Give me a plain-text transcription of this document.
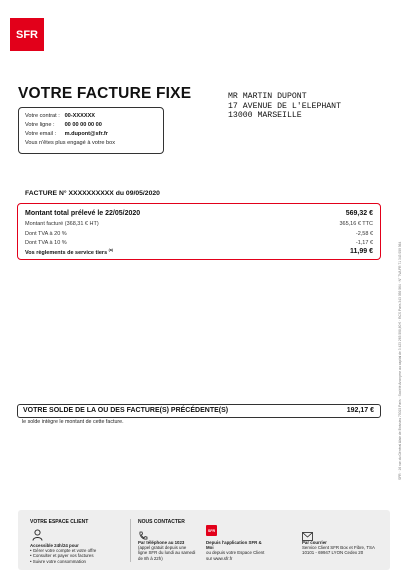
SFR
VOTRE FACTURE FIXE	MR MARTIN DUPONT
17 AVENUE DE L'ELEPHANT
13000 MARSEILLE
Votre contrat : 00-XXXXXX
Votre ligne : 00 00 00 00 00
Votre email : m.dupont@sfr.fr
Vous n'êtes plus engagé à votre box
FACTURE N° XXXXXXXXXX du 09/05/2020
Montant total prélevé le 22/05/2020	569,32 €
Montant facturé (368,31 € HT)	365,16 € TTC
Dont TVA à 20 %	-2,58 €
Dont TVA à 10 %	-1,17 €
Vos règlements de service tiers $^{(a)}$	11,99 €	SFR · 16 rue du Général Alain de Boissieu 75015 Paris · Société Anonyme au capital de 3 423 265 598,60 € · RCS Paris 343 059 564 · N° TVA FR 71 343 059 564
VOTRE SOLDE DE LA OU DES FACTURE(S) PRÉCÉDENTE(S)	192,17 €
le solde intègre le montant de cette facture.
VOTRE ESPACE CLIENT
Accessible 24h/24 pour
• Gérer votre compte et votre offre
• Consulter et payer vos factures
• Suivre votre consommation
NOUS CONTACTER
Par téléphone au 1023
(appel gratuit depuis une ligne SFR du lundi au samedi de 8h à 22h)
SFR
Depuis l'application SFR & Moi
ou depuis votre Espace Client sur www.sfr.fr
Par courrier
Service Client SFR Box et Fibre, TSA 10101 - 69947 LYON Cedex 20
